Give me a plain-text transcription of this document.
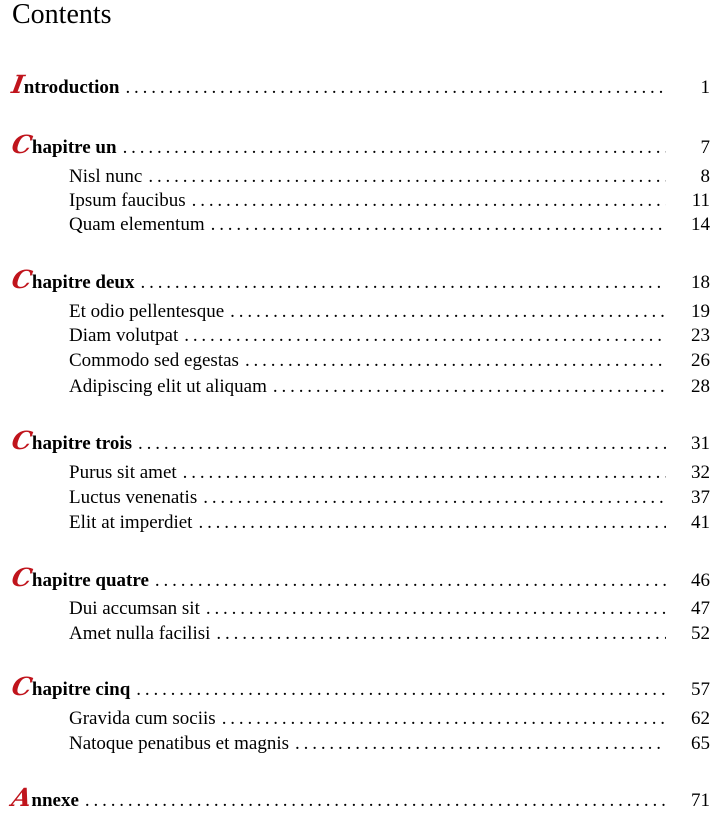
Contents
Introduction . . .	1
Chapitre un . . .	7
Nisl nunc . . .	8
Ipsum faucibus . . .	11
Quam elementum . . .	14
Chapitre deux . . .	18
Et odio pellentesque . . .	19
Diam volutpat . . .	23
Commodo sed egestas . . .	26
Adipiscing elit ut aliquam . . .	28
Chapitre trois . . .	31
Purus sit amet . . .	32
Luctus venenatis . . .	37
Elit at imperdiet . . .	41
Chapitre quatre . . .	46
Dui accumsan sit . . .	47
Amet nulla facilisi . . .	52
Chapitre cinq . . .	57
Gravida cum sociis . . .	62
Natoque penatibus et magnis . . .	65
Annexe . . .	71
